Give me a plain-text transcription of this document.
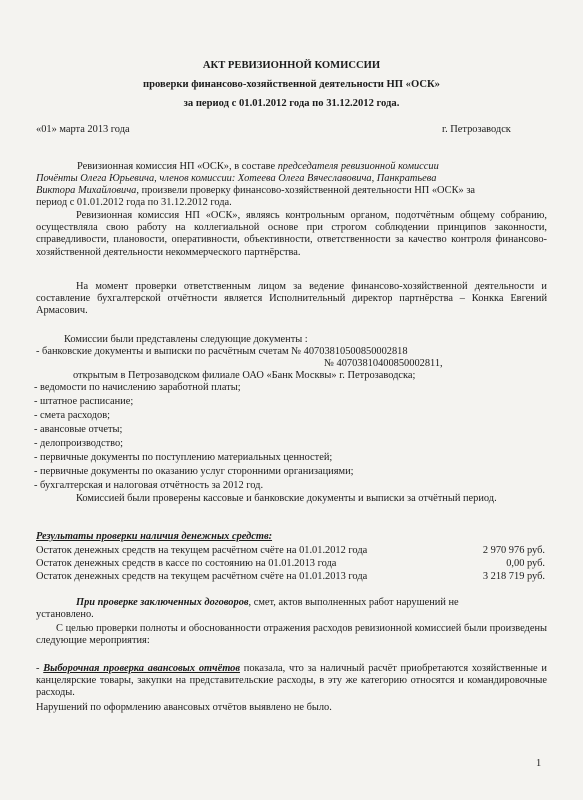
АКТ РЕВИЗИОННОЙ КОМИССИИ
проверки финансово-хозяйственной деятельности НП «ОСК»
за период с 01.01.2012 года по 31.12.2012 года.
«01» марта 2013 года	г. Петрозаводск
Ревизионная комиссия НП «ОСК», в составе председателя ревизионной комиссии
Почёнты Олега Юрьевича, членов комиссии: Хотеева Олега Вячеславовича, Панкратьева
Виктора Михайловича, произвели проверку финансово-хозяйственной деятельности НП «ОСК» за
период с 01.01.2012 года по 31.12.2012 года.
Ревизионная комиссия НП «ОСК», являясь контрольным органом, подотчётным общему собранию, осуществляла свою работу на коллегиальной основе при строгом соблюдении принципов законности, справедливости, плановости, оперативности, объективности, ответственности за качество контроля финансово-хозяйственной деятельности некоммерческого партнёрства.
На момент проверки ответственным лицом за ведение финансово-хозяйственной деятельности и составление бухгалтерской отчётности является Исполнительный директор партнёрства – Конкка Евгений Армасович.
Комиссии были представлены следующие документы :
- банковские документы и выписки по расчётным счетам № 40703810500850002818
№ 40703810400850002811,
открытым в Петрозаводском филиале ОАО «Банк Москвы» г. Петрозаводска;
- ведомости по начислению заработной платы;
- штатное расписание;
- смета расходов;
- авансовые отчеты;
- делопроизводство;
- первичные документы по поступлению материальных ценностей;
- первичные документы по оказанию услуг сторонними организациями;
- бухгалтерская и налоговая отчётность за 2012 год.
Комиссией были проверены кассовые и банковские документы и выписки за отчётный период.
Результаты проверки наличия денежных средств:
Остаток денежных средств на текущем расчётном счёте на 01.01.2012 года	2 970 976 руб.
Остаток денежных средств в кассе по состоянию на 01.01.2013 года	0,00 руб.
Остаток денежных средств на текущем расчётном счёте на 01.01.2013 года	3 218 719 руб.
При проверке заключенных договоров, смет, актов выполненных работ нарушений не
установлено.
С целью проверки полноты и обоснованности отражения расходов ревизионной комиссией были произведены следующие мероприятия:
- Выборочная проверка авансовых отчётов показала, что за наличный расчёт приобретаются хозяйственные и канцелярские товары, закупки на представительские расходы, в эту же категорию относятся и командировочные расходы.
Нарушений по оформлению авансовых отчётов выявлено не было.
1
